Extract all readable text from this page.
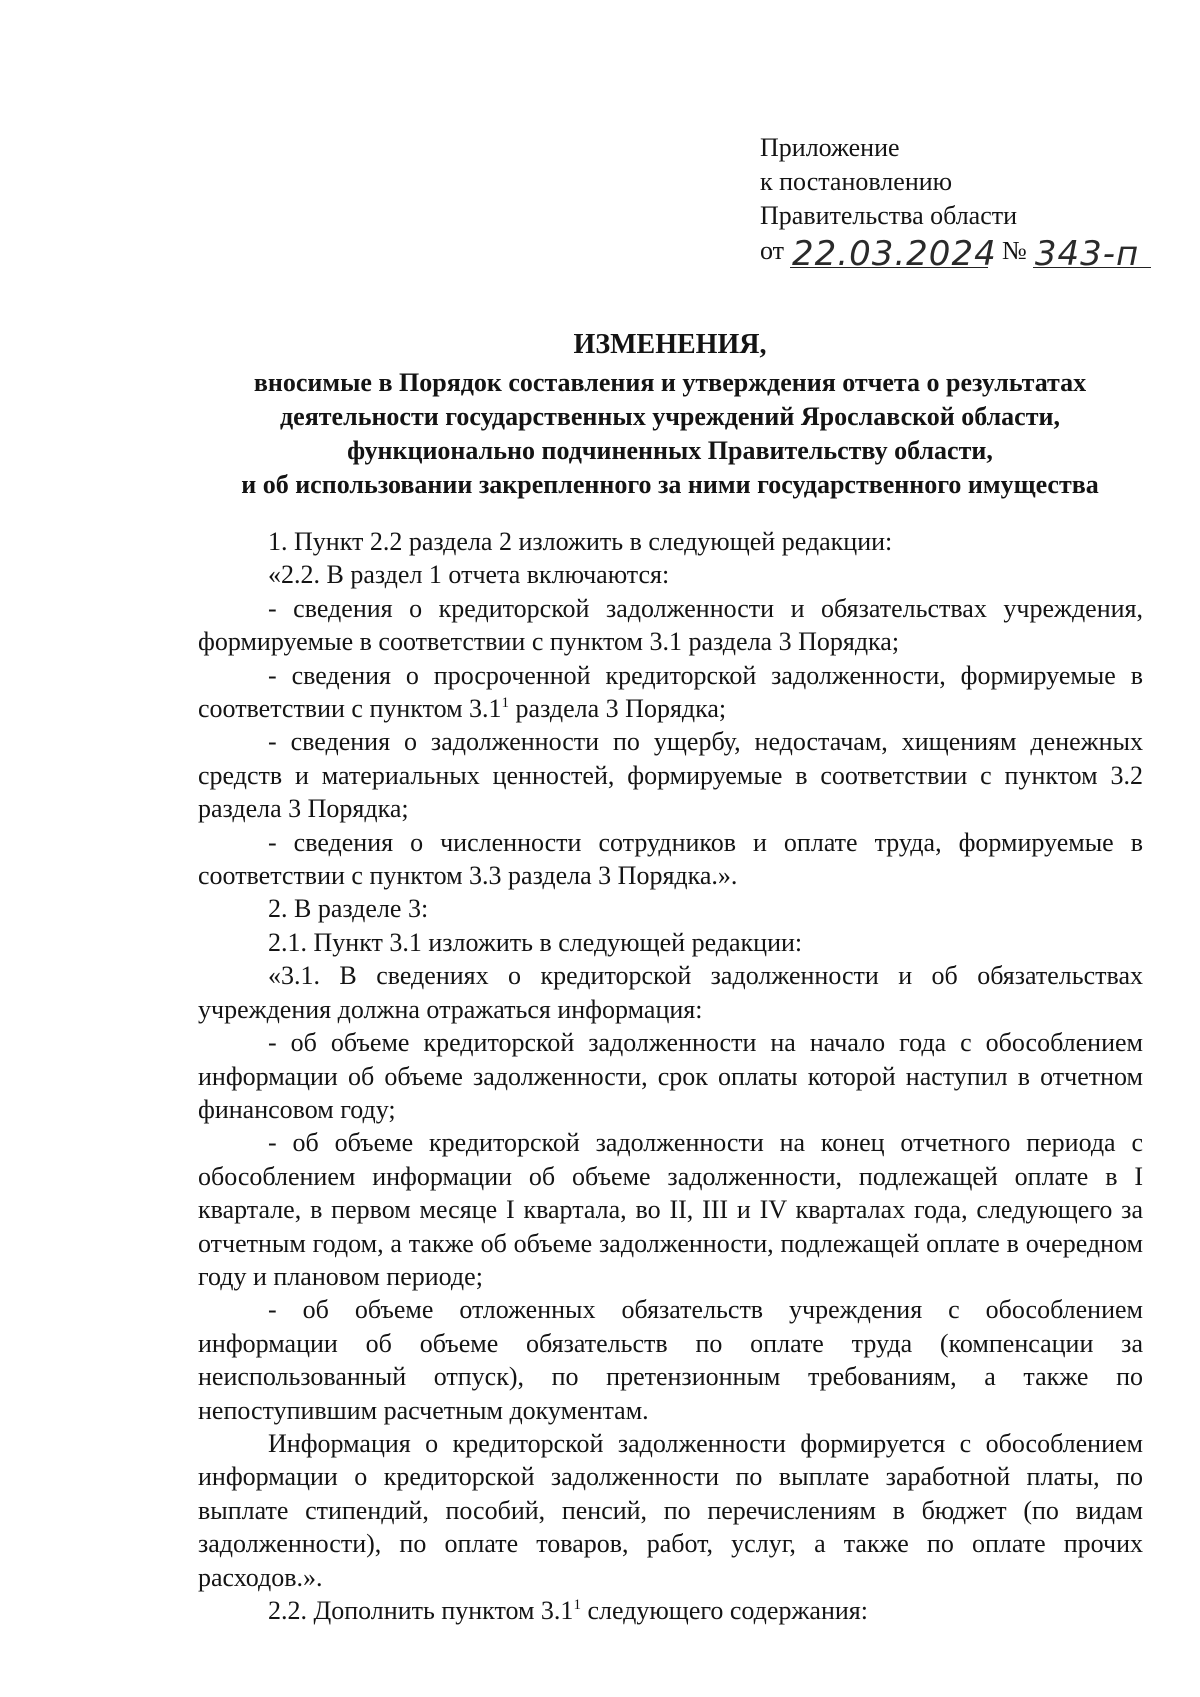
Приложение
к постановлению
Правительства области
от 22.03.2024 № 343-п
ИЗМЕНЕНИЯ,
вносимые в Порядок составления и утверждения отчета о результатах
деятельности государственных учреждений Ярославской области,
функционально подчиненных Правительству области,
и об использовании закрепленного за ними государственного имущества

1. Пункт 2.2 раздела 2 изложить в следующей редакции:

«2.2. В раздел 1 отчета включаются:

- сведения о кредиторской задолженности и обязательствах учреждения, формируемые в соответствии с пунктом 3.1 раздела 3 Порядка;

- сведения о просроченной кредиторской задолженности, формируемые в соответствии с пунктом $3.1^1$ раздела 3 Порядка;

- сведения о задолженности по ущербу, недостачам, хищениям денежных средств и материальных ценностей, формируемые в соответствии с пунктом 3.2 раздела 3 Порядка;

- сведения о численности сотрудников и оплате труда, формируемые в соответствии с пунктом 3.3 раздела 3 Порядка.».

2. В разделе 3:

2.1. Пункт 3.1 изложить в следующей редакции:

«3.1. В сведениях о кредиторской задолженности и об обязательствах учреждения должна отражаться информация:

- об объеме кредиторской задолженности на начало года с обособлением информации об объеме задолженности, срок оплаты которой наступил в отчетном финансовом году;

- об объеме кредиторской задолженности на конец отчетного периода с обособлением информации об объеме задолженности, подлежащей оплате в I квартале, в первом месяце I квартала, во II, III и IV кварталах года, следующего за отчетным годом, а также об объеме задолженности, подлежащей оплате в очередном году и плановом периоде;

- об объеме отложенных обязательств учреждения с обособлением информации об объеме обязательств по оплате труда (компенсации за неиспользованный отпуск), по претензионным требованиям, а также по непоступившим расчетным документам.

Информация о кредиторской задолженности формируется с обособлением информации о кредиторской задолженности по выплате заработной платы, по выплате стипендий, пособий, пенсий, по перечислениям в бюджет (по видам задолженности), по оплате товаров, работ, услуг, а также по оплате прочих расходов.».

2.2. Дополнить пунктом $3.1^1$ следующего содержания:
